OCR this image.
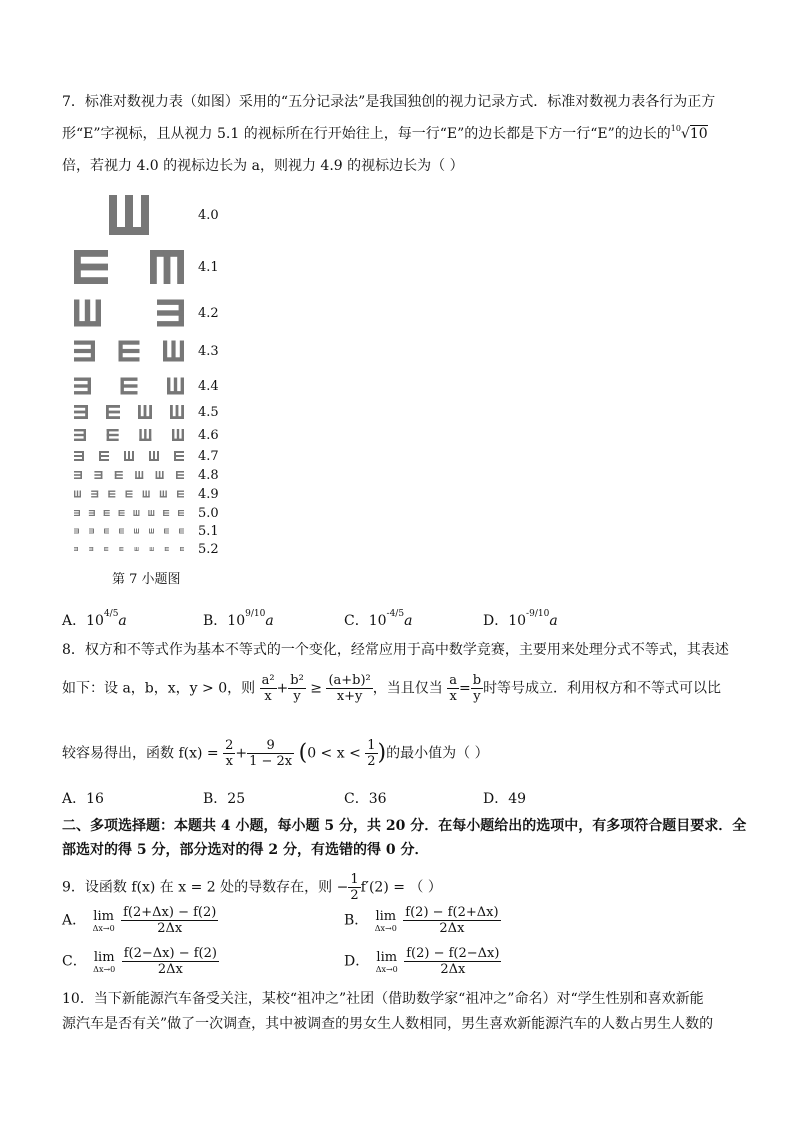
7．标准对数视力表（如图）采用的“五分记录法”是我国独创的视力记录方式．标准对数视力表各行为正方
形“E”字视标，且从视力 5.1 的视标所在行开始往上，每一行“E”的边长都是下方一行“E”的边长的$^{10}$√10
倍，若视力 4.0 的视标边长为 a，则视力 4.9 的视标边长为（ ）
4.0
4.1
4.2
4.3
4.4
4.5
4.6
4.7
4.8
4.9
5.0
5.1
5.2
第 7 小题图
A．$10^{4/5}a$	B．$10^{9/10}a$	C．$10^{-4/5}a$	D．$10^{-9/10}a$
8．权方和不等式作为基本不等式的一个变化，经常应用于高中数学竞赛，主要用来处理分式不等式，其表述
如下：设 a，b，x，y > 0，则 $\frac{\text{a²}}{x} + \frac{\text{b²}}{y} \ge \frac{\text{(a+b)²}}{x+y}$ ，当且仅当 $\frac{a}{x} = \frac{b}{y}$ 时等号成立．利用权方和不等式可以比
较容易得出，函数 $f(x) = \frac{2}{x} + \frac{9}{1 - 2x} (0 < x < \frac{1}{2}$ )的最小值为（ ）
A．16	B．25	C．36	D．49
二、多项选择题：本题共 4 小题，每小题 5 分，共 20 分．在每小题给出的选项中，有多项符合题目要求．全
部选对的得 5 分，部分选对的得 2 分，有选错的得 0 分．
9．设函数 f(x) 在 x = 2 处的导数存在，则 − $\frac{1}{2} f'(2)$ = （ ）
A． lim
Δx→0
$\frac{f(2+\Delta x) - f(2)}{2\Delta x}$	B． lim
Δx→0
$\frac{f(2) - f(2+\Delta x)}{2\Delta x}$
C． lim
Δx→0
$\frac{f(2-\Delta x) - f(2)}{2\Delta x}$	D． lim
Δx→0
$\frac{f(2) - f(2-\Delta x)}{2\Delta x}$
10．当下新能源汽车备受关注，某校“祖冲之”社团（借助数学家“祖冲之”命名）对“学生性别和喜欢新能
源汽车是否有关”做了一次调查，其中被调查的男女生人数相同，男生喜欢新能源汽车的人数占男生人数的
